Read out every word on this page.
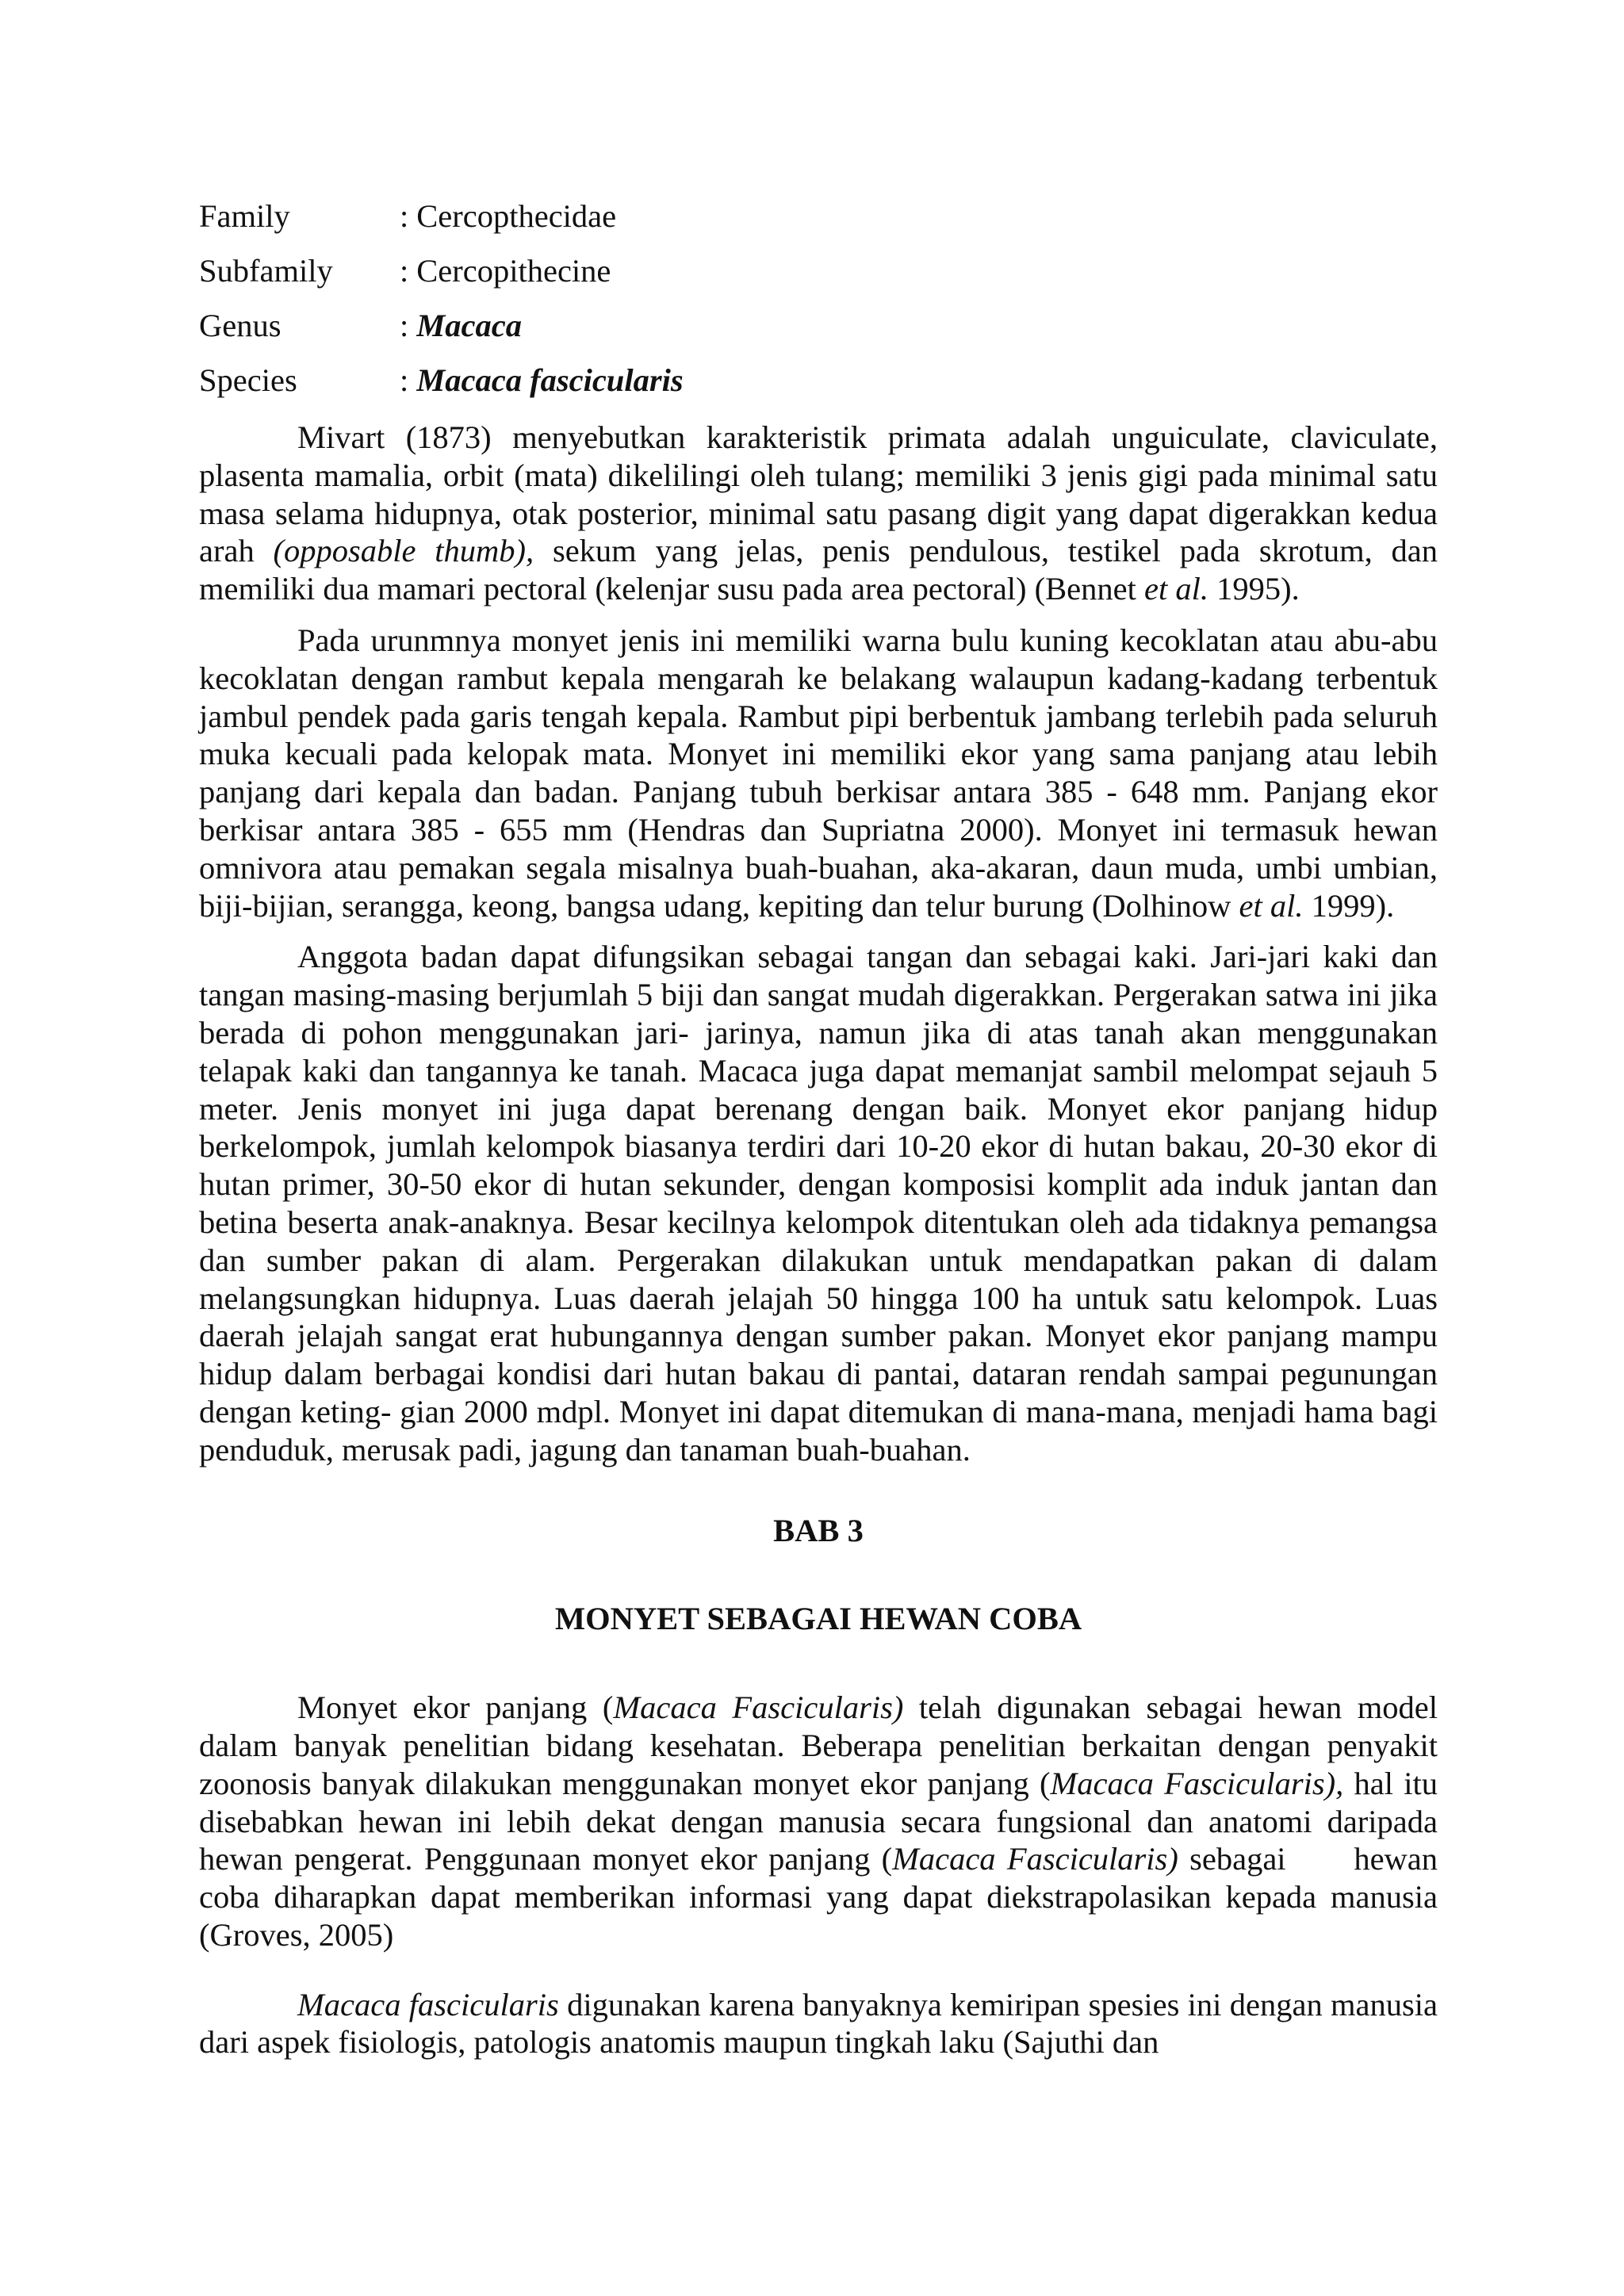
Family	: Cercopthecidae
Subfamily	: Cercopithecine
Genus	: Macaca
Species	: Macaca fascicularis

Mivart (1873) menyebutkan karakteristik primata adalah unguiculate, claviculate, plasenta mamalia, orbit (mata) dikelilingi oleh tulang; memiliki 3 jenis gigi pada minimal satu masa selama hidupnya, otak posterior, minimal satu pasang digit yang dapat digerakkan kedua arah (opposable thumb), sekum yang jelas, penis pendulous, testikel pada skrotum, dan memiliki dua mamari pectoral (kelenjar susu pada area pectoral) (Bennet et al. 1995).

Pada urunmnya monyet jenis ini memiliki warna bulu kuning kecoklatan atau abu-abu kecoklatan dengan rambut kepala mengarah ke belakang walaupun kadang-kadang terbentuk jambul pendek pada garis tengah kepala. Rambut pipi berbentuk jambang terlebih pada seluruh muka kecuali pada kelopak mata. Monyet ini memiliki ekor yang sama panjang atau lebih panjang dari kepala dan badan. Panjang tubuh berkisar antara 385 - 648 mm. Panjang ekor berkisar antara 385 - 655 mm (Hendras dan Supriatna 2000). Monyet ini termasuk hewan omnivora atau pemakan segala misalnya buah-buahan, aka-akaran, daun muda, umbi umbian, biji-bijian, serangga, keong, bangsa udang, kepiting dan telur burung (Dolhinow et al. 1999).

Anggota badan dapat difungsikan sebagai tangan dan sebagai kaki. Jari-jari kaki dan tangan masing-masing berjumlah 5 biji dan sangat mudah digerakkan. Pergerakan satwa ini jika berada di pohon menggunakan jari- jarinya, namun jika di atas tanah akan menggunakan telapak kaki dan tangannya ke tanah. Macaca juga dapat memanjat sambil melompat sejauh 5 meter. Jenis monyet ini juga dapat berenang dengan baik. Monyet ekor panjang hidup berkelompok, jumlah kelompok biasanya terdiri dari 10-20 ekor di hutan bakau, 20-30 ekor di hutan primer, 30-50 ekor di hutan sekunder, dengan komposisi komplit ada induk jantan dan betina beserta anak-anaknya. Besar kecilnya kelompok ditentukan oleh ada tidaknya pemangsa dan sumber pakan di alam. Pergerakan dilakukan untuk mendapatkan pakan di dalam melangsungkan hidupnya. Luas daerah jelajah 50 hingga 100 ha untuk satu kelompok. Luas daerah jelajah sangat erat hubungannya dengan sumber pakan. Monyet ekor panjang mampu hidup dalam berbagai kondisi dari hutan bakau di pantai, dataran rendah sampai pegunungan dengan keting- gian 2000 mdpl. Monyet ini dapat ditemukan di mana-mana, menjadi hama bagi penduduk, merusak padi, jagung dan tanaman buah-buahan.

BAB 3

MONYET SEBAGAI HEWAN COBA

Monyet ekor panjang (Macaca Fascicularis) telah digunakan sebagai hewan model dalam banyak penelitian bidang kesehatan. Beberapa penelitian berkaitan dengan penyakit zoonosis banyak dilakukan menggunakan monyet ekor panjang (Macaca Fascicularis), hal itu disebabkan hewan ini lebih dekat dengan manusia secara fungsional dan anatomi daripada hewan pengerat. Penggunaan monyet ekor panjang (Macaca Fascicularis) sebagai      hewan coba diharapkan dapat memberikan informasi yang dapat diekstrapolasikan kepada manusia (Groves, 2005)

Macaca fascicularis digunakan karena banyaknya kemiripan spesies ini dengan manusia dari aspek fisiologis, patologis anatomis maupun tingkah laku (Sajuthi dan
